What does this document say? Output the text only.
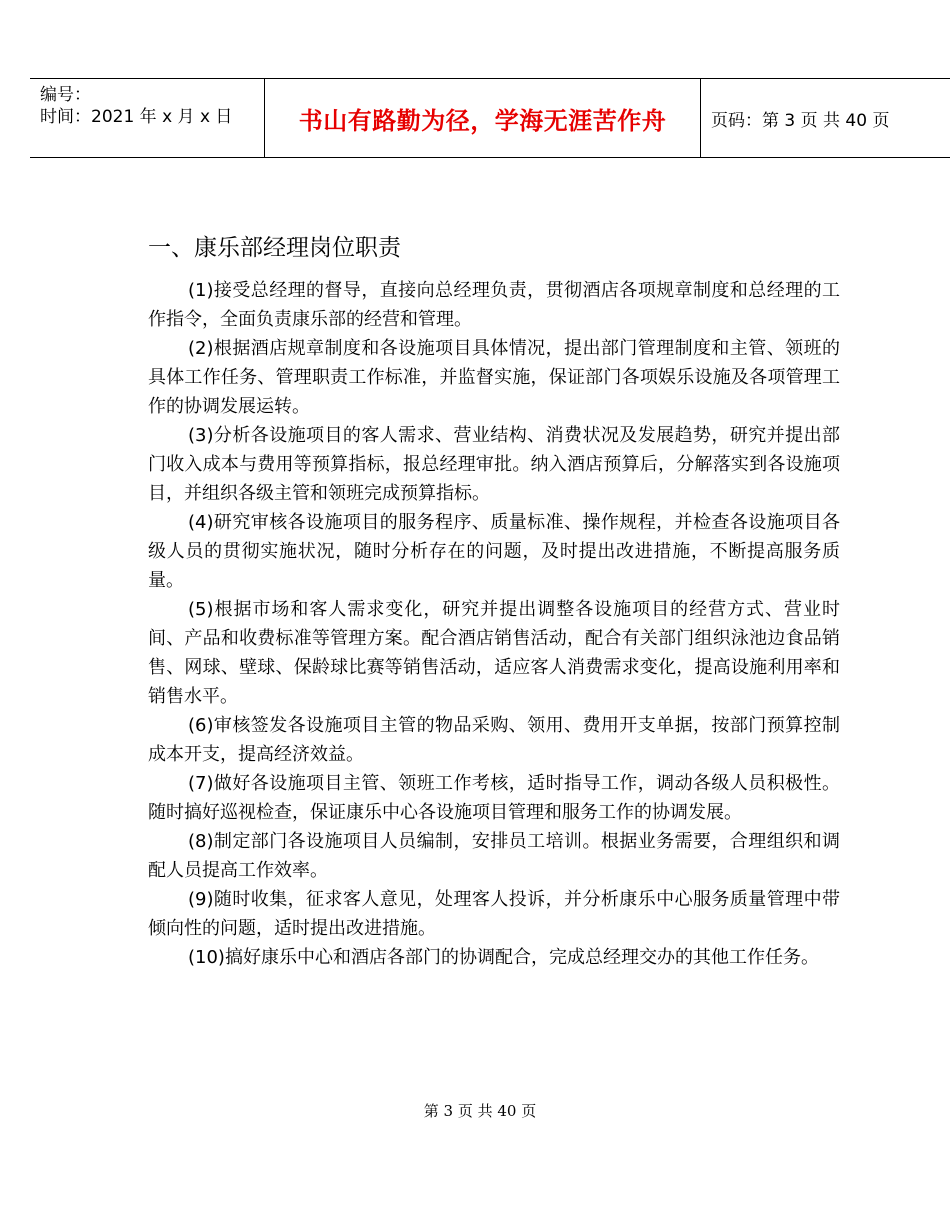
编号：
时间：2021 年 x 月 x 日	书山有路勤为径，学海无涯苦作舟	页码：第 3 页 共 40 页
一、康乐部经理岗位职责

(1)接受总经理的督导，直接向总经理负责，贯彻酒店各项规章制度和总经理的工作指令，全面负责康乐部的经营和管理。

(2)根据酒店规章制度和各设施项目具体情况，提出部门管理制度和主管、领班的具体工作任务、管理职责工作标准，并监督实施，保证部门各项娱乐设施及各项管理工作的协调发展运转。

(3)分析各设施项目的客人需求、营业结构、消费状况及发展趋势，研究并提出部门收入成本与费用等预算指标，报总经理审批。纳入酒店预算后，分解落实到各设施项目，并组织各级主管和领班完成预算指标。

(4)研究审核各设施项目的服务程序、质量标准、操作规程，并检查各设施项目各级人员的贯彻实施状况，随时分析存在的问题，及时提出改进措施，不断提高服务质量。

(5)根据市场和客人需求变化，研究并提出调整各设施项目的经营方式、营业时间、产品和收费标准等管理方案。配合酒店销售活动，配合有关部门组织泳池边食品销售、网球、壁球、保龄球比赛等销售活动，适应客人消费需求变化，提高设施利用率和销售水平。

(6)审核签发各设施项目主管的物品采购、领用、费用开支单据，按部门预算控制成本开支，提高经济效益。

(7)做好各设施项目主管、领班工作考核，适时指导工作，调动各级人员积极性。随时搞好巡视检查，保证康乐中心各设施项目管理和服务工作的协调发展。

(8)制定部门各设施项目人员编制，安排员工培训。根据业务需要，合理组织和调配人员提高工作效率。

(9)随时收集，征求客人意见，处理客人投诉，并分析康乐中心服务质量管理中带倾向性的问题，适时提出改进措施。

(10)搞好康乐中心和酒店各部门的协调配合，完成总经理交办的其他工作任务。

第 3 页 共 40 页
